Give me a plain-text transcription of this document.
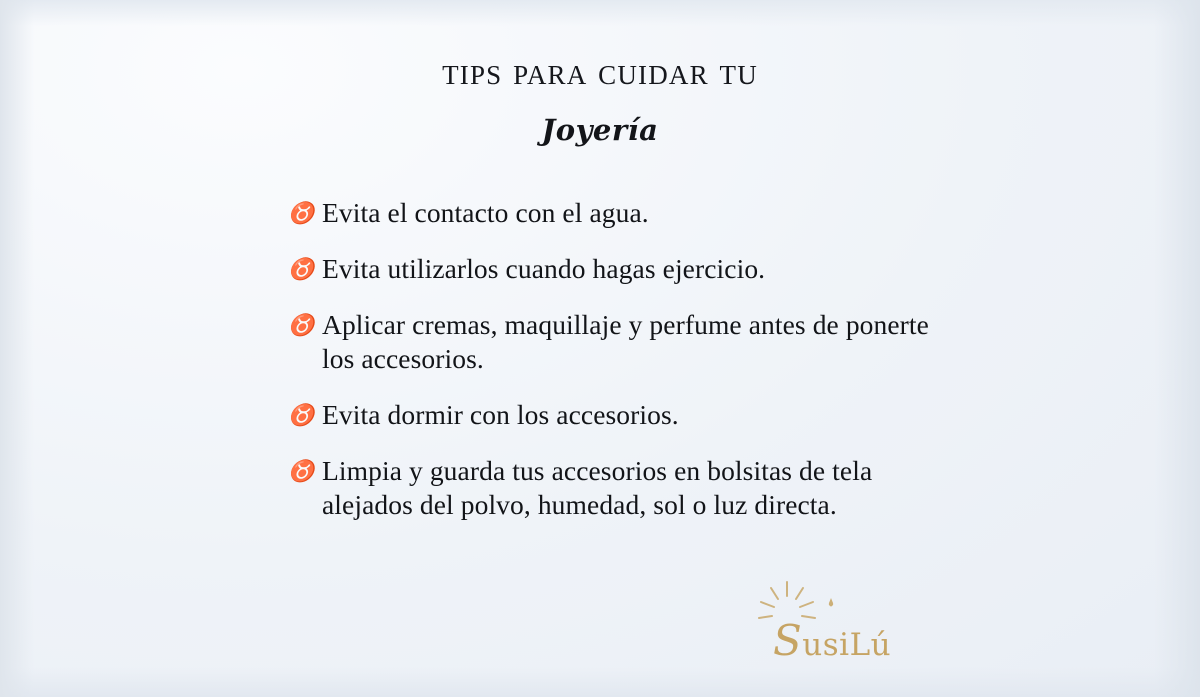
tips para cuidar tu
Joyería
♉ Evita el contacto con el agua.
♉ Evita utilizarlos cuando hagas ejercicio.
♉ Aplicar cremas, maquillaje y perfume antes de ponerte los accesorios.
♉ Evita dormir con los accesorios.
♉ Limpia y guarda tus accesorios en bolsitas de tela alejados del polvo, humedad, sol o luz directa.
SusiLú
